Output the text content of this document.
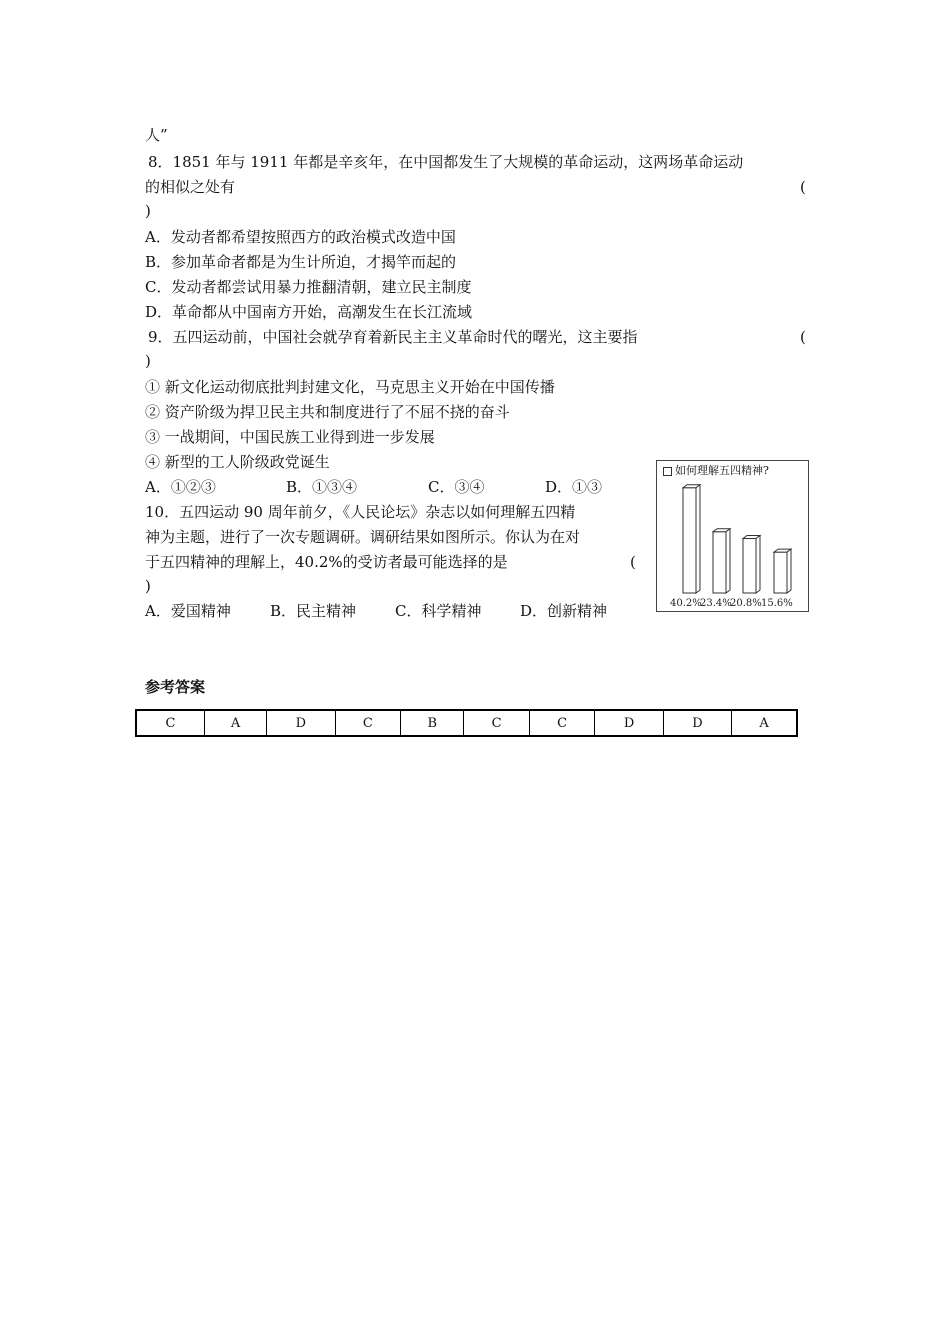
人”
8．1851 年与 1911 年都是辛亥年，在中国都发生了大规模的革命运动，这两场革命运动
的相似之处有	(
)
A．发动者都希望按照西方的政治模式改造中国
B．参加革命者都是为生计所迫，才揭竿而起的
C．发动者都尝试用暴力推翻清朝，建立民主制度
D．革命都从中国南方开始，高潮发生在长江流域
9．五四运动前，中国社会就孕育着新民主主义革命时代的曙光，这主要指	(
)
① 新文化运动彻底批判封建文化，马克思主义开始在中国传播
② 资产阶级为捍卫民主共和制度进行了不屈不挠的奋斗
③ 一战期间，中国民族工业得到进一步发展
④ 新型的工人阶级政党诞生
A．①②③	B．①③④	C．③④	D．①③
10．五四运动 90 周年前夕，《人民论坛》杂志以如何理解五四精
神为主题，进行了一次专题调研。调研结果如图所示。你认为在对
于五四精神的理解上，40.2%的受访者最可能选择的是	(
)
A．爱国精神	B．民主精神	C．科学精神	D．创新精神
如何理解五四精神?
40.2%
23.4%
20.8% 15.6%
参考答案
C	A	D	C	B	C	C	D	D	A
